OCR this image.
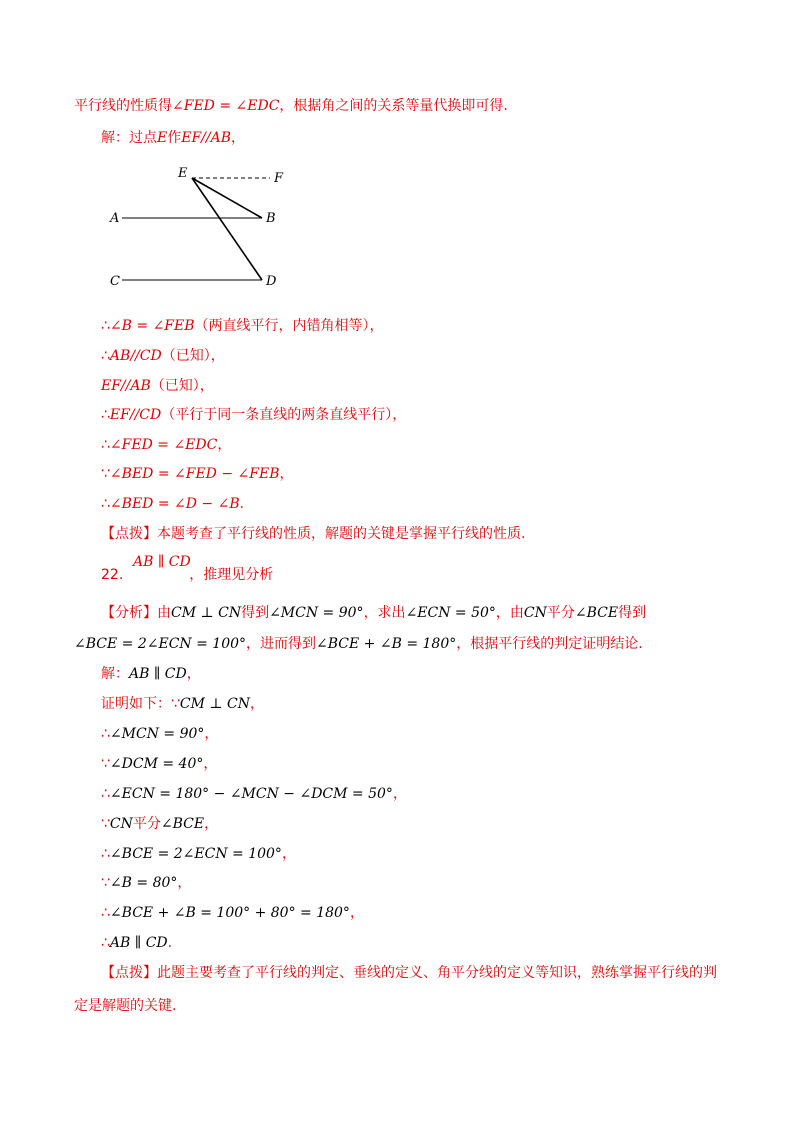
平行线的性质得∠FED = ∠EDC，根据角之间的关系等量代换即可得.
解：过点E作EF//AB，
E	F
A	B
C	D
∴∠B = ∠FEB（两直线平行，内错角相等），
∴AB//CD（已知），
EF//AB（已知），
∴EF//CD（平行于同一条直线的两条直线平行），
∴∠FED = ∠EDC，
∵∠BED = ∠FED − ∠FEB，
∴∠BED = ∠D − ∠B.
【点拨】本题考查了平行线的性质，解题的关键是掌握平行线的性质.
AB ∥ CD
22.	，推理见分析
【分析】由CM ⊥ CN得到∠MCN = 90°，求出∠ECN = 50°，由CN平分∠BCE得到
∠BCE = 2∠ECN = 100°，进而得到∠BCE + ∠B = 180°，根据平行线的判定证明结论.
解：AB ∥ CD，
证明如下：∵CM ⊥ CN，
∴∠MCN = 90°，
∵∠DCM = 40°，
∴∠ECN = 180° − ∠MCN − ∠DCM = 50°，
∵CN平分∠BCE，
∴∠BCE = 2∠ECN = 100°，
∵∠B = 80°，
∴∠BCE + ∠B = 100° + 80° = 180°，
∴AB ∥ CD.
【点拨】此题主要考查了平行线的判定、垂线的定义、角平分线的定义等知识，熟练掌握平行线的判
定是解题的关键.
